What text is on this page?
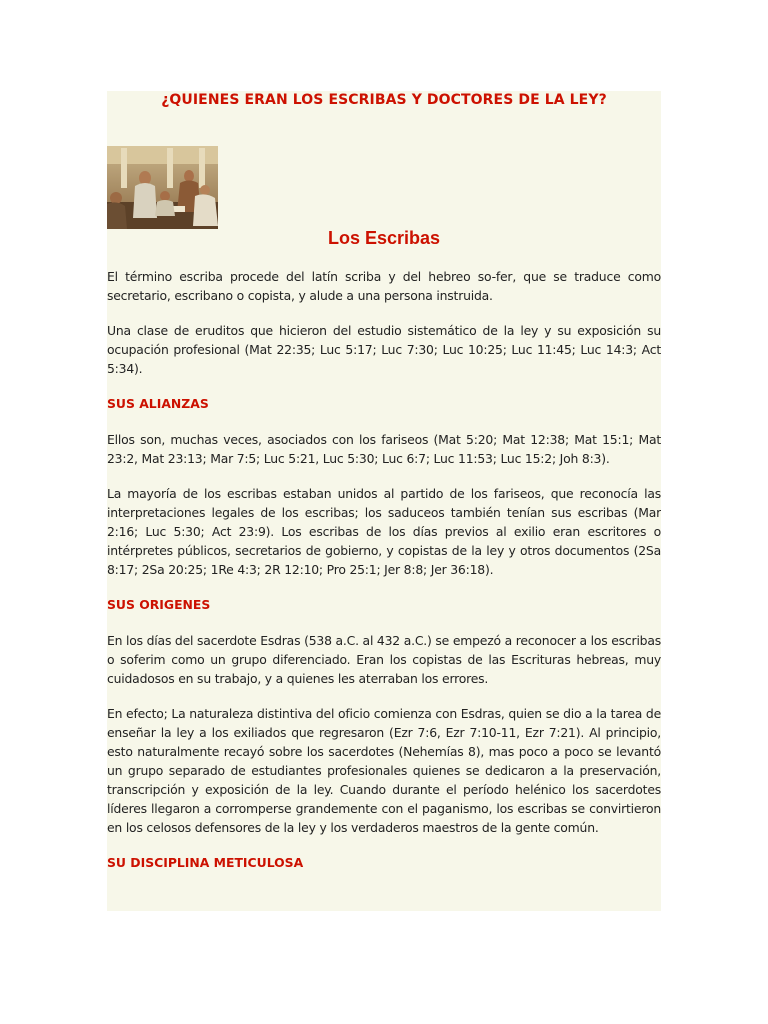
¿QUIENES ERAN LOS ESCRIBAS Y DOCTORES DE LA LEY?
Los Escribas

El término escriba procede del latín scriba y del hebreo so-fer, que se traduce como secretario, escribano o copista, y alude a una persona instruida.

Una clase de eruditos que hicieron del estudio sistemático de la ley y su exposición su ocupación profesional (Mat 22:35; Luc 5:17; Luc 7:30; Luc 10:25; Luc 11:45; Luc 14:3; Act 5:34).

SUS ALIANZAS

Ellos son, muchas veces, asociados con los fariseos (Mat 5:20; Mat 12:38; Mat 15:1; Mat 23:2, Mat 23:13; Mar 7:5; Luc 5:21, Luc 5:30; Luc 6:7; Luc 11:53; Luc 15:2; Joh 8:3).

La mayoría de los escribas estaban unidos al partido de los fariseos, que reconocía las interpretaciones legales de los escribas; los saduceos también tenían sus escribas (Mar 2:16; Luc 5:30; Act 23:9). Los escribas de los días previos al exilio eran escritores o intérpretes públicos, secretarios de gobierno, y copistas de la ley y otros documentos (2Sa 8:17; 2Sa 20:25; 1Re 4:3; 2R 12:10; Pro 25:1; Jer 8:8; Jer 36:18).

SUS ORIGENES

En los días del sacerdote Esdras (538 a.C. al 432 a.C.) se empezó a reconocer a los escribas o soferim como un grupo diferenciado. Eran los copistas de las Escrituras hebreas, muy cuidadosos en su trabajo, y a quienes les aterraban los errores.

En efecto; La naturaleza distintiva del oficio comienza con Esdras, quien se dio a la tarea de enseñar la ley a los exiliados que regresaron (Ezr 7:6, Ezr 7:10-11, Ezr 7:21). Al principio, esto naturalmente recayó sobre los sacerdotes (Nehemías 8), mas poco a poco se levantó un grupo separado de estudiantes profesionales quienes se dedicaron a la preservación, transcripción y exposición de la ley. Cuando durante el período helénico los sacerdotes líderes llegaron a corromperse grandemente con el paganismo, los escribas se convirtieron en los celosos defensores de la ley y los verdaderos maestros de la gente común.

SU DISCIPLINA METICULOSA
